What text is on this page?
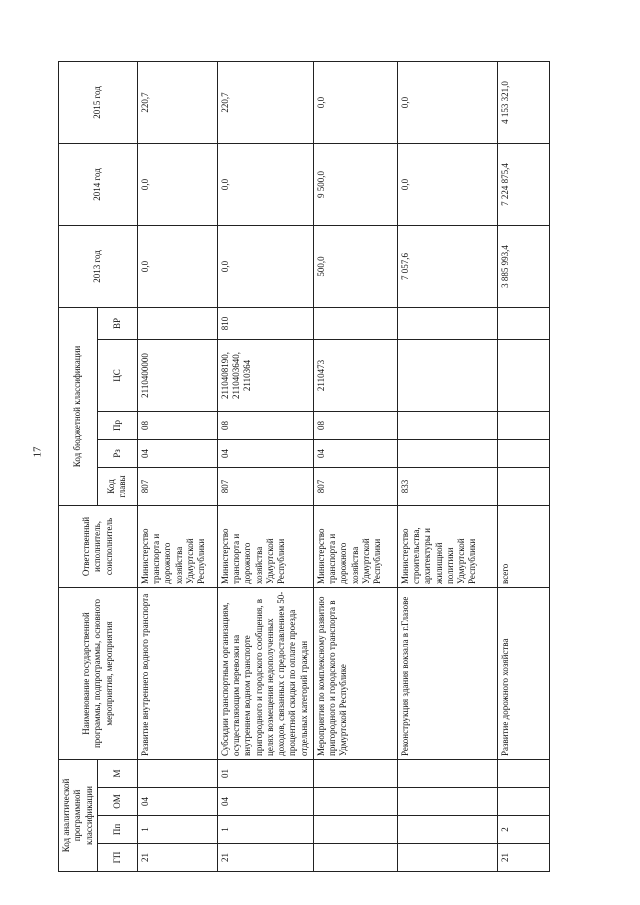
17
Код аналитической программной классификации				Наименование государственной программы, подпрограммы, основного мероприятия, мероприятия	Ответственный исполнитель, соисполнитель	Код бюджетной классификации					2013 год	2014 год	2015 год
ГП	Пп	ОМ	М			Код главы	Рз	Пр	ЦС	ВР			
21	1	04		Развитие внутреннего водного транспорта	Министерство транспорта и дорожного хозяйства Удмуртской Республики	807	04	08	2110400000		0,0	0,0	220,7
21	1	04	01	Субсидии транспортным организациям, осуществляющим перевозки на внутреннем водном транспорте пригородного и городского сообщения, в целях возмещения недополученных доходов, связанных с предоставлением 50-процентной скидки по оплате проезда отдельных категорий граждан	Министерство транспорта и дорожного хозяйства Удмуртской Республики	807	04	08	2110408190, 2110403640, 2110364	810	0,0	0,0	220,7
				Мероприятия по комплексному развитию пригородного и городского транспорта в Удмуртской Республике	Министерство транспорта и дорожного хозяйства Удмуртской Республики	807	04	08	2110473		500,0	9 500,0	0,0
				Реконструкция здания вокзала в г.Глазове	Министерство строительства, архитектуры и жилищной политики Удмуртской Республики	833					7 057,6	0,0	0,0
21	2			Развитие дорожного хозяйства	всего						3 885 993,4	7 224 875,4	4 153 321,0
